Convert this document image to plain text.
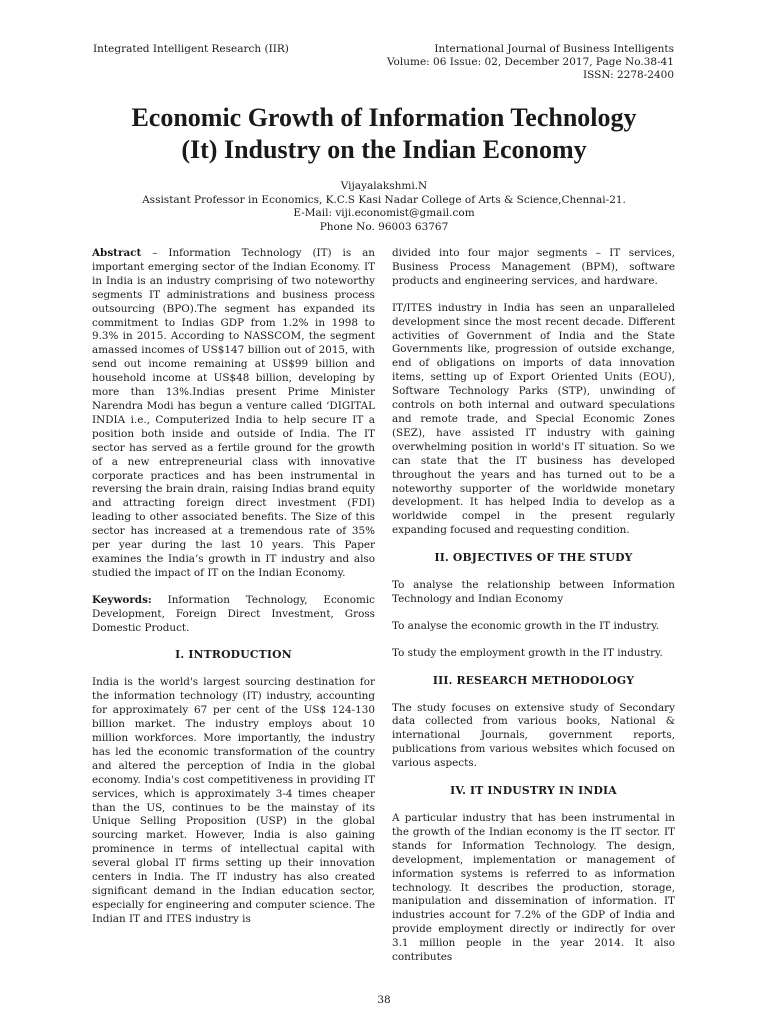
Integrated Intelligent Research (IIR)	International Journal of Business Intelligents
Volume: 06 Issue: 02, December 2017, Page No.38-41
ISSN: 2278-2400
Economic Growth of Information Technology
(It) Industry on the Indian Economy
Vijayalakshmi.N
Assistant Professor in Economics, K.C.S Kasi Nadar College of Arts & Science,Chennai-21.
E-Mail: viji.economist@gmail.com
Phone No. 96003 63767

Abstract – Information Technology (IT) is an important emerging sector of the Indian Economy. IT in India is an industry comprising of two noteworthy segments IT administrations and business process outsourcing (BPO).The segment has expanded its commitment to Indias GDP from 1.2% in 1998 to 9.3% in 2015. According to NASSCOM, the segment amassed incomes of US$147 billion out of 2015, with send out income remaining at US$99 billion and household income at US$48 billion, developing by more than 13%.Indias present Prime Minister Narendra Modi has begun a venture called ‘DIGITAL INDIA i.e., Computerized India to help secure IT a position both inside and outside of India. The IT sector has served as a fertile ground for the growth of a new entrepreneurial class with innovative corporate practices and has been instrumental in reversing the brain drain, raising Indias brand equity and attracting foreign direct investment (FDI) leading to other associated benefits. The Size of this sector has increased at a tremendous rate of 35% per year during the last 10 years. This Paper examines the India’s growth in IT industry and also studied the impact of IT on the Indian Economy.

Keywords: Information Technology, Economic Development, Foreign Direct Investment, Gross Domestic Product.

I. INTRODUCTION

India is the world's largest sourcing destination for the information technology (IT) industry, accounting for approximately 67 per cent of the US$ 124-130 billion market. The industry employs about 10 million workforces. More importantly, the industry has led the economic transformation of the country and altered the perception of India in the global economy. India's cost competitiveness in providing IT services, which is approximately 3-4 times cheaper than the US, continues to be the mainstay of its Unique Selling Proposition (USP) in the global sourcing market. However, India is also gaining prominence in terms of intellectual capital with several global IT firms setting up their innovation centers in India. The IT industry has also created significant demand in the Indian education sector, especially for engineering and computer science. The Indian IT and ITES industry is

divided into four major segments – IT services, Business Process Management (BPM), software products and engineering services, and hardware.

IT/ITES industry in India has seen an unparalleled development since the most recent decade. Different activities of Government of India and the State Governments like, progression of outside exchange, end of obligations on imports of data innovation items, setting up of Export Oriented Units (EOU), Software Technology Parks (STP), unwinding of controls on both internal and outward speculations and remote trade, and Special Economic Zones (SEZ), have assisted IT industry with gaining overwhelming position in world's IT situation. So we can state that the IT business has developed throughout the years and has turned out to be a noteworthy supporter of the worldwide monetary development. It has helped India to develop as a worldwide compel in the present regularly expanding focused and requesting condition.

II. OBJECTIVES OF THE STUDY

To analyse the relationship between Information Technology and Indian Economy

To analyse the economic growth in the IT industry.

To study the employment growth in the IT industry.

III. RESEARCH METHODOLOGY

The study focuses on extensive study of Secondary data collected from various books, National & international Journals, government reports, publications from various websites which focused on various aspects.

IV. IT INDUSTRY IN INDIA

A particular industry that has been instrumental in the growth of the Indian economy is the IT sector. IT stands for Information Technology. The design, development, implementation or management of information systems is referred to as information technology. It describes the production, storage, manipulation and dissemination of information. IT industries account for 7.2% of the GDP of India and provide employment directly or indirectly for over 3.1 million people in the year 2014. It also contributes

38
